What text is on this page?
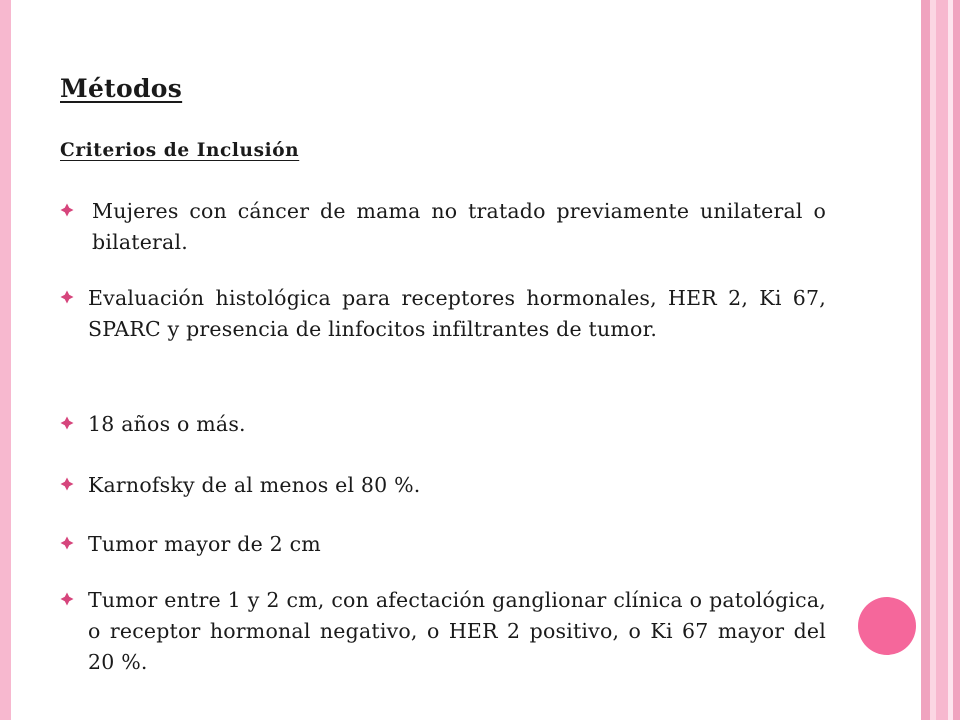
Métodos
Criterios de Inclusión
Mujeres con cáncer de mama no tratado previamente unilateral o bilateral.
Evaluación histológica para receptores hormonales, HER 2, Ki 67, SPARC y presencia de linfocitos infiltrantes de tumor.
18 años o más.
Karnofsky de al menos el 80 %.
Tumor mayor de 2 cm
Tumor entre 1 y 2 cm, con afectación ganglionar clínica o patológica, o receptor hormonal negativo, o HER 2 positivo, o Ki 67 mayor del 20 %.
